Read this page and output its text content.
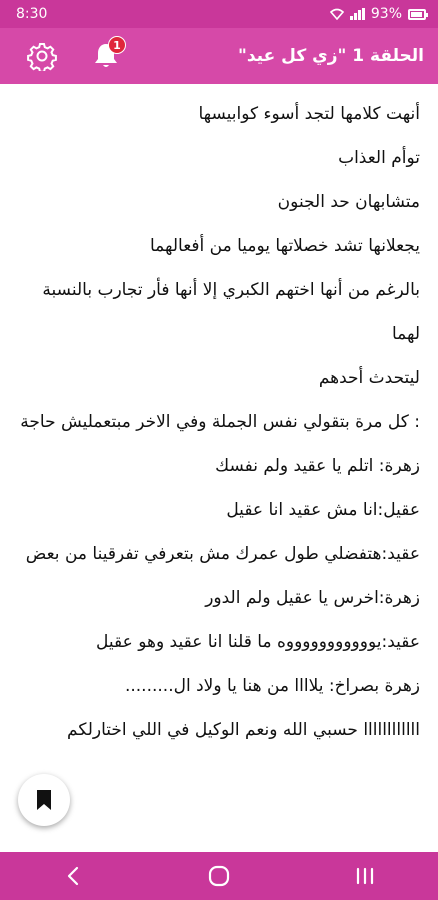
8:30	93%
1
الحلقة 1 "زي كل عيد"

أنهت كلامها لتجد أسوء كوابيسها

توأم العذاب

متشابهان حد الجنون

يجعلانها تشد خصلاتها يوميا من أفعالهما

بالرغم من أنها اختهم الكبري إلا أنها فأر تجارب بالنسبة لهما

ليتحدث أحدهم

: كل مرة بتقولي نفس الجملة وفي الاخر مبتعمليش حاجة

زهرة: اتلم يا عقيد ولم نفسك

عقيل:انا مش عقيد انا عقيل

عقيد:هتفضلي طول عمرك مش بتعرفي تفرقينا من بعض

زهرة:اخرس يا عقيل ولم الدور

عقيد:يوووووووووووه ما قلنا انا عقيد وهو عقيل

زهرة بصراخ: يلاااا من هنا يا ولاد ال.........

اااااااااااا حسبي الله ونعم الوكيل في اللي اختارلكم
